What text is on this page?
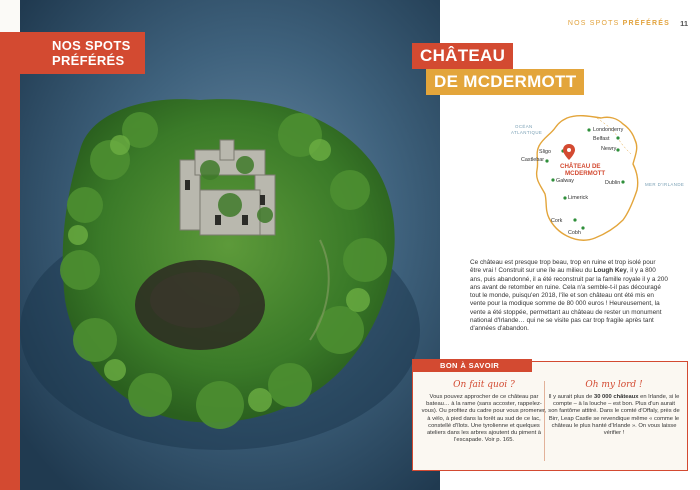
NOS SPOTS
PRÉFÉRÉS
NOS SPOTS PRÉFÉRÉS 11
CHÂTEAU
DE MCDERMOTT
Londonderry
Belfast
Newry
Sligo
Castlebar
Galway	Dublin
Limerick
Cork
Cobh
OCÉAN
ATLANTIQUE
MER D'IRLANDE
CHÂTEAU DE
MCDERMOTT
Ce château est presque trop beau, trop en ruine et trop isolé pour être vrai ! Construit sur une île au milieu du Lough Key, il y a 800 ans, puis abandonné, il a été reconstruit par la famille royale il y a 200 ans avant de retomber en ruine. Cela n'a semble-t-il pas découragé tout le monde, puisqu'en 2018, l'île et son château ont été mis en vente pour la modique somme de 80 000 euros ! Heureusement, la vente a été stoppée, permettant au château de rester un monument national d'Irlande… qui ne se visite pas car trop fragile après tant d'années d'abandon.
BON À SAVOIR
On fait quoi ?
Vous pouvez approcher de ce château par bateau… à la rame (sans accoster, rappelez-vous). Ou profitez du cadre pour vous promener, à vélo, à pied dans la forêt au sud de ce lac, constellé d'îlots. Une tyrolienne et quelques ateliers dans les arbres ajoutent du piment à l'escapade. Voir p. 165.
Oh my lord !
Il y aurait plus de 30 000 châteaux en Irlande, si le compte – à la louche – est bon. Plus d'un aurait son fantôme attitré. Dans le comté d'Offaly, près de Birr, Leap Castle se revendique même « comme le château le plus hanté d'Irlande ». On vous laisse vérifier !
